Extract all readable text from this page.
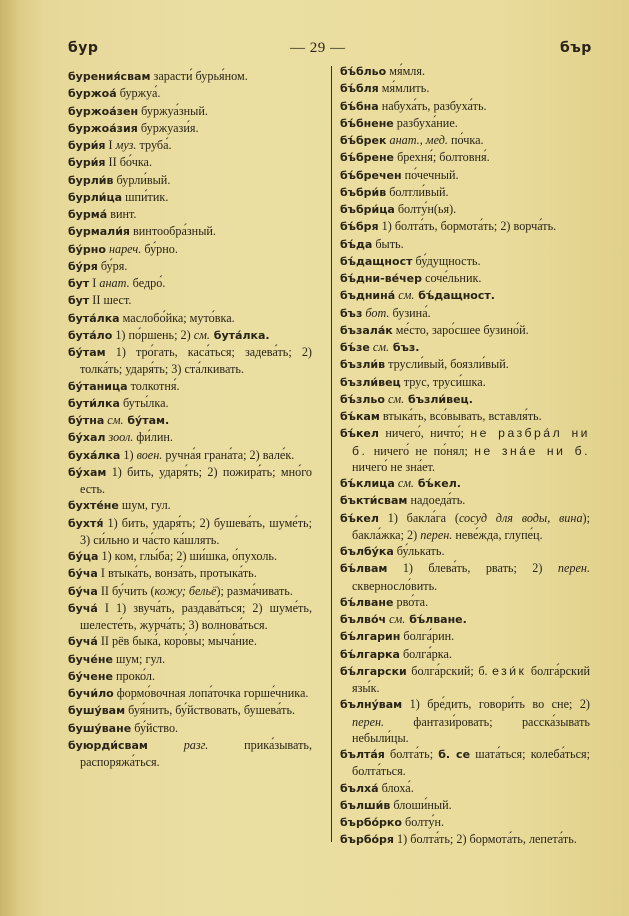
бур	— 29 —	бър
бурения́свам зарасти́ бурья́ном.
буржоа́ буржуа́.
буржоа́зен буржуа́зный.
буржоа́зия буржуази́я.
бури́я I муз. труба́.
бури́я II бо́чка.
бурли́в бурли́вый.
бурли́ца шпи́тик.
бурма́ винт.
бурмали́я винтообра́зный.
бу́рно нареч. бу́рно.
бу́ря бу́ря.
бут I анат. бедро́.
бут II шест.
бута́лка маслобо́йка; муто́вка.
бута́ло 1) по́ршень; 2) см. бута́лка.
бу́там 1) тро́гать, каса́ться; задева́ть; 2) толка́ть; ударя́ть; 3) ста́лкивать.
бу́таница толкотня́.
бути́лка буты́лка.
бу́тна см. бу́там.
бу́хал зоол. фи́лин.
буха́лка 1) воен. ручна́я грана́та; 2) вале́к.
бу́хам 1) бить, ударя́ть; 2) пожира́ть; мно́го есть.
бухте́не шум, гул.
бухтя́ 1) бить, ударя́ть; 2) бушева́ть, шуме́ть; 3) си́льно и ча́сто ка́шлять.
бу́ца 1) ком, глы́ба; 2) ши́шка, о́пухоль.
бу́ча I втыка́ть, вонза́ть, протыка́ть.
бу́ча II бу́чить (кожу; бельё); разма́чивать.
буча́ I 1) звуча́ть, раздава́ться; 2) шуме́ть, шелесте́ть, журча́ть; 3) волнова́ться.
буча́ II рёв быка́, коро́вы; мыча́ние.
буче́не шум; гул.
бу́чене проко́л.
бучи́ло формо́вочная лопа́точка горше́чника.
бушу́вам буя́нить, бу́йствовать, бушева́ть.
бушу́ване бу́йство.
буюрди́свам	разг. прика́зывать, распоряжа́ться.
бъ́бльо мя́мля.
бъ́бля мя́млить.
бъ́бна набуха́ть, разбуха́ть.
бъ́бнене разбуха́ние.
бъ́брек анат., мед. по́чка.
бъ́брене брехня́; болтовня́.
бъ́бречен по́чечный.
бъбри́в болтли́вый.
бъбри́ца болту́н(ья).
бъ́бря 1) болта́ть, бормота́ть; 2) ворча́ть.
бъ́да быть.
бъ́дащност бу́дущность.
бъ́дни-ве́чер соче́льник.
бъднина́ см. бъ́дащност.
бъз бот. бузина́.
бъзала́к ме́сто, заро́сшее бузино́й.
бъ́зе см. бъз.
бъзли́в трусли́вый, боязли́вый.
бъзли́вец трус, труси́шка.
бъ́зльо см. бъзли́вец.
бъ́кам втыка́ть, всо́вывать, вставля́ть.
бъ́кел ничего́, ничто́; не разбра́л ни б. ничего́ не по́нял; не зна́е ни б. ничего́ не зна́ет.
бъ́клица см. бъ́кел.
бъкти́свам надоеда́ть.
бъ́кел 1) бакла́га (сосуд для воды, вина); бакла́жка; 2) перен. неве́жда, глупе́ц.
бълбу́ка бу́лькать.
бъ́лвам 1) блева́ть, рвать; 2) перен. скверносло́вить.
бъ́лване рво́та.
бълво́ч см. бъ́лване.
бъ́лгарин болга́рин.
бъ́лгарка болга́рка.
бъ́лгарски болга́рский; б. ези́к болга́рский язы́к.
бълну́вам 1) бре́дить, говори́ть во сне; 2) перен. фантази́ровать; расска́зывать небыли́цы.
бълта́я болта́ть; б. се шата́ться; колеба́ться; болта́ться.
бълха́ блоха́.
бълши́в блоши́ный.
бърбо́рко болту́н.
бърбо́ря 1) болта́ть; 2) бормота́ть, лепета́ть.
